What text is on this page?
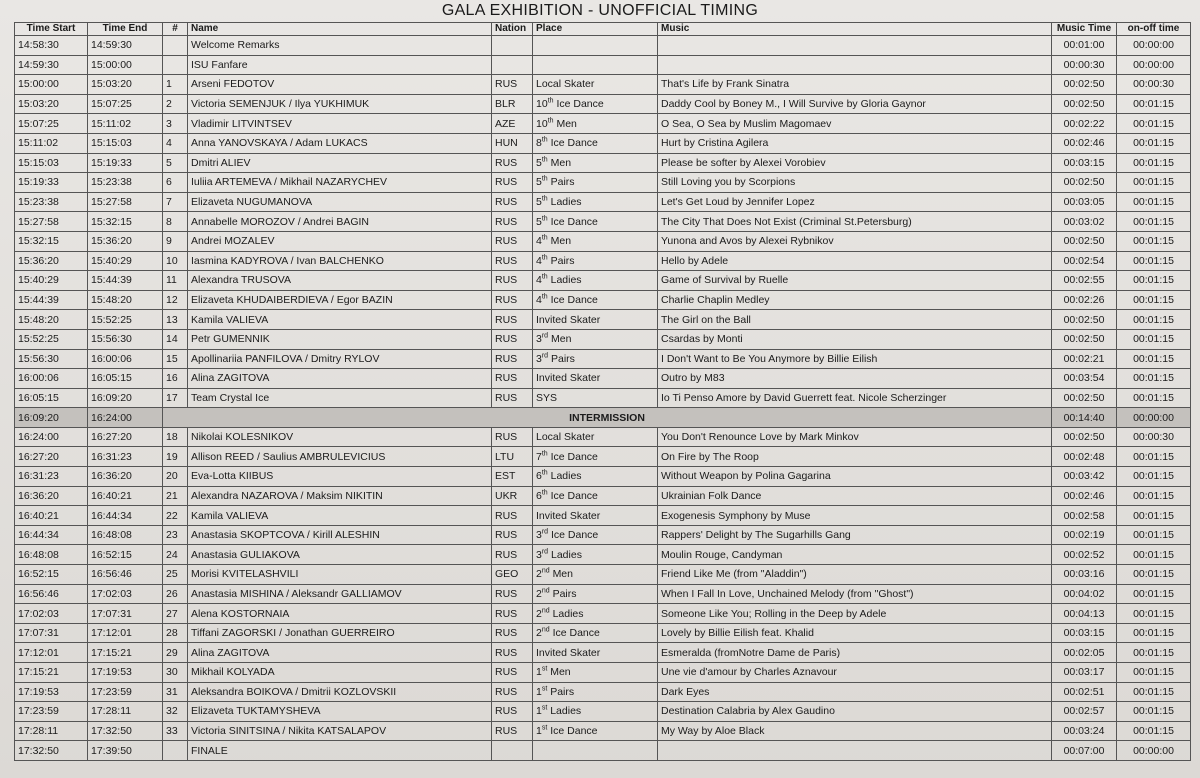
GALA EXHIBITION - UNOFFICIAL TIMING
Time Start	Time End	#	Name	Nation	Place	Music	Music Time	on-off time
14:58:30	14:59:30		Welcome Remarks				00:01:00	00:00:00
14:59:30	15:00:00		ISU Fanfare				00:00:30	00:00:00
15:00:00	15:03:20	1	Arseni FEDOTOV	RUS	Local Skater	That's Life by Frank Sinatra	00:02:50	00:00:30
15:03:20	15:07:25	2	Victoria SEMENJUK / Ilya YUKHIMUK	BLR	10th Ice Dance	Daddy Cool by Boney M., I Will Survive by Gloria Gaynor	00:02:50	00:01:15
15:07:25	15:11:02	3	Vladimir LITVINTSEV	AZE	10th Men	O Sea, O Sea by Muslim Magomaev	00:02:22	00:01:15
15:11:02	15:15:03	4	Anna YANOVSKAYA / Adam LUKACS	HUN	8th Ice Dance	Hurt by Cristina Agilera	00:02:46	00:01:15
15:15:03	15:19:33	5	Dmitri ALIEV	RUS	5th Men	Please be softer by Alexei Vorobiev	00:03:15	00:01:15
15:19:33	15:23:38	6	Iuliia ARTEMEVA / Mikhail NAZARYCHEV	RUS	5th Pairs	Still Loving you by Scorpions	00:02:50	00:01:15
15:23:38	15:27:58	7	Elizaveta NUGUMANOVA	RUS	5th Ladies	Let's Get Loud by Jennifer Lopez	00:03:05	00:01:15
15:27:58	15:32:15	8	Annabelle MOROZOV / Andrei BAGIN	RUS	5th Ice Dance	The City That Does Not Exist (Criminal St.Petersburg)	00:03:02	00:01:15
15:32:15	15:36:20	9	Andrei MOZALEV	RUS	4th Men	Yunona and Avos by Alexei Rybnikov	00:02:50	00:01:15
15:36:20	15:40:29	10	Iasmina KADYROVA / Ivan BALCHENKO	RUS	4th Pairs	Hello by Adele	00:02:54	00:01:15
15:40:29	15:44:39	11	Alexandra TRUSOVA	RUS	4th Ladies	Game of Survival by Ruelle	00:02:55	00:01:15
15:44:39	15:48:20	12	Elizaveta KHUDAIBERDIEVA / Egor BAZIN	RUS	4th Ice Dance	Charlie Chaplin Medley	00:02:26	00:01:15
15:48:20	15:52:25	13	Kamila VALIEVA	RUS	Invited Skater	The Girl on the Ball	00:02:50	00:01:15
15:52:25	15:56:30	14	Petr GUMENNIK	RUS	3rd Men	Csardas by Monti	00:02:50	00:01:15
15:56:30	16:00:06	15	Apollinariia PANFILOVA / Dmitry RYLOV	RUS	3rd Pairs	I Don't Want to Be You Anymore by Billie Eilish	00:02:21	00:01:15
16:00:06	16:05:15	16	Alina ZAGITOVA	RUS	Invited Skater	Outro by M83	00:03:54	00:01:15
16:05:15	16:09:20	17	Team Crystal Ice	RUS	SYS	Io Ti Penso Amore by David Guerrett feat. Nicole Scherzinger	00:02:50	00:01:15
16:09:20	16:24:00	INTERMISSION					00:14:40	00:00:00
16:24:00	16:27:20	18	Nikolai KOLESNIKOV	RUS	Local Skater	You Don't Renounce Love by Mark Minkov	00:02:50	00:00:30
16:27:20	16:31:23	19	Allison REED / Saulius AMBRULEVICIUS	LTU	7th Ice Dance	On Fire by The Roop	00:02:48	00:01:15
16:31:23	16:36:20	20	Eva-Lotta KIIBUS	EST	6th Ladies	Without Weapon by Polina Gagarina	00:03:42	00:01:15
16:36:20	16:40:21	21	Alexandra NAZAROVA / Maksim NIKITIN	UKR	6th Ice Dance	Ukrainian Folk Dance	00:02:46	00:01:15
16:40:21	16:44:34	22	Kamila VALIEVA	RUS	Invited Skater	Exogenesis Symphony by Muse	00:02:58	00:01:15
16:44:34	16:48:08	23	Anastasia SKOPTCOVA / Kirill ALESHIN	RUS	3rd Ice Dance	Rappers' Delight by The Sugarhills Gang	00:02:19	00:01:15
16:48:08	16:52:15	24	Anastasia GULIAKOVA	RUS	3rd Ladies	Moulin Rouge, Candyman	00:02:52	00:01:15
16:52:15	16:56:46	25	Morisi KVITELASHVILI	GEO	2nd Men	Friend Like Me (from "Aladdin")	00:03:16	00:01:15
16:56:46	17:02:03	26	Anastasia MISHINA / Aleksandr GALLIAMOV	RUS	2nd Pairs	When I Fall In Love, Unchained Melody (from "Ghost")	00:04:02	00:01:15
17:02:03	17:07:31	27	Alena KOSTORNAIA	RUS	2nd Ladies	Someone Like You; Rolling in the Deep by Adele	00:04:13	00:01:15
17:07:31	17:12:01	28	Tiffani ZAGORSKI / Jonathan GUERREIRO	RUS	2nd Ice Dance	Lovely by Billie Eilish feat. Khalid	00:03:15	00:01:15
17:12:01	17:15:21	29	Alina ZAGITOVA	RUS	Invited Skater	Esmeralda (fromNotre Dame de Paris)	00:02:05	00:01:15
17:15:21	17:19:53	30	Mikhail KOLYADA	RUS	1st Men	Une vie d'amour by Charles Aznavour	00:03:17	00:01:15
17:19:53	17:23:59	31	Aleksandra BOIKOVA / Dmitrii KOZLOVSKII	RUS	1st Pairs	Dark Eyes	00:02:51	00:01:15
17:23:59	17:28:11	32	Elizaveta TUKTAMYSHEVA	RUS	1st Ladies	Destination Calabria by Alex Gaudino	00:02:57	00:01:15
17:28:11	17:32:50	33	Victoria SINITSINA / Nikita KATSALAPOV	RUS	1st Ice Dance	My Way by Aloe Black	00:03:24	00:01:15
17:32:50	17:39:50		FINALE				00:07:00	00:00:00
